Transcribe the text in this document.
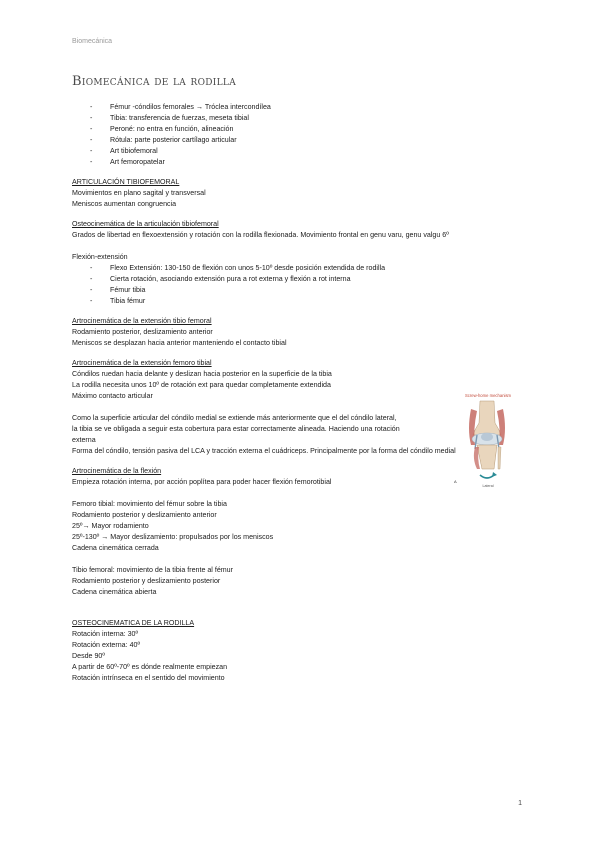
Biomecánica
Biomecánica de la rodilla
- Fémur -cóndilos femorales → Tróclea intercondílea
- Tibia: transferencia de fuerzas, meseta tibial
- Peroné: no entra en función, alineación
- Rótula: parte posterior cartílago articular
- Art tibiofemoral
- Art femoropatelar
ARTICULACIÓN TIBIOFEMORAL

Movimientos en plano sagital y transversal

Meniscos aumentan congruencia

Osteocinemática de la articulación tibiofemoral

Grados de libertad en flexoextensión y rotación con la rodilla flexionada. Movimiento frontal en genu varu, genu valgu 6º

Flexión-extensión

- Flexo Extensión: 130-150 de flexión con unos 5-10º desde posición extendida de rodilla
- Cierta rotación, asociando extensión pura a rot externa y flexión a rot interna
- Fémur tibia
- Tibia fémur
Artrocinemática de la extensión tibio femoral

Rodamiento posterior, deslizamiento anterior

Meniscos se desplazan hacia anterior manteniendo el contacto tibial

Artrocinemática de la extensión femoro tibial

Cóndilos ruedan hacia delante y deslizan hacia posterior en la superficie de la tibia

La rodilla necesita unos 10º de rotación ext para quedar completamente extendida

Máximo contacto articular

Como la superficie articular del cóndilo medial se extiende más anteriormente que el del cóndilo lateral, la tibia se ve obligada a seguir esta cobertura para estar correctamente alineada. Haciendo una rotación externa

Forma del cóndilo, tensión pasiva del LCA y tracción externa el cuádriceps. Principalmente por la forma del cóndilo medial

Artrocinemática de la flexión

Empieza rotación interna, por acción poplítea para poder hacer flexión femorotibial

Femoro tibial: movimiento del fémur sobre la tibia

Rodamiento posterior y deslizamiento anterior

25º→ Mayor rodamiento

25º-130º → Mayor deslizamiento: propulsados por los meniscos

Cadena cinemática cerrada

Tibio femoral: movimiento de la tibia frente al fémur

Rodamiento posterior y deslizamiento posterior

Cadena cinemática abierta

OSTEOCINEMATICA DE LA RODILLA

Rotación interna: 30º

Rotación externa: 40º

Desde 90º

A partir de 60º-70º es dónde realmente empiezan

Rotación intrínseca en el sentido del movimiento

Screw-home mechanism
A
Lateral
1
